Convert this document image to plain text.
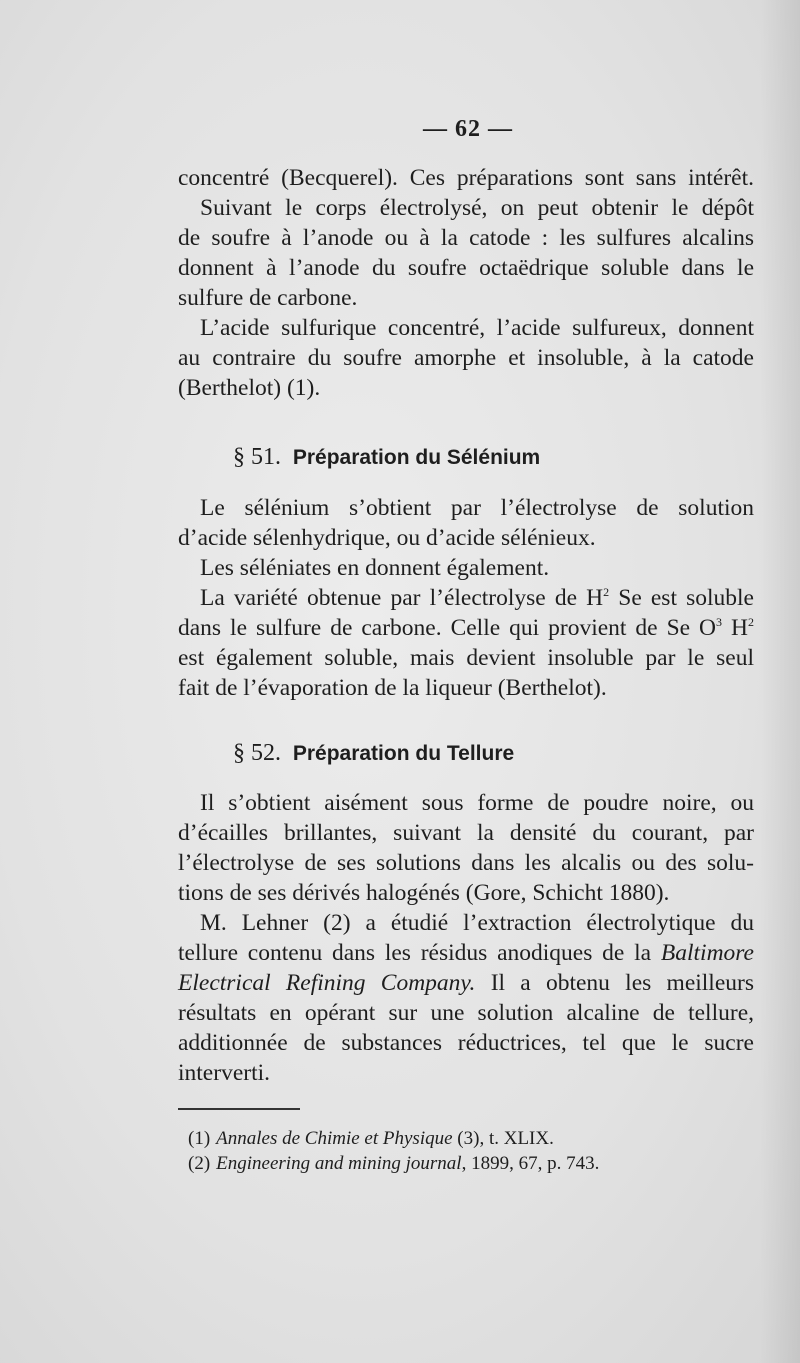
— 62 —
concentré (Becquerel). Ces préparations sont sans intérêt.
Suivant le corps électrolysé, on peut obtenir le dépôt
de soufre à l’anode ou à la catode : les sulfures alcalins
donnent à l’anode du soufre octaëdrique soluble dans le
sulfure de carbone.
L’acide sulfurique concentré, l’acide sulfureux, donnent
au contraire du soufre amorphe et insoluble, à la catode
(Berthelot) (1).
§ 51. Préparation du Sélénium
Le sélénium s’obtient par l’électrolyse de solution
d’acide sélenhydrique, ou d’acide sélénieux.
Les séléniates en donnent également.
La variété obtenue par l’électrolyse de $H^2$ Se est soluble
dans le sulfure de carbone. Celle qui provient de Se $O^3$ $H^2$
est également soluble, mais devient insoluble par le seul
fait de l’évaporation de la liqueur (Berthelot).
§ 52. Préparation du Tellure
Il s’obtient aisément sous forme de poudre noire, ou
d’écailles brillantes, suivant la densité du courant, par
l’électrolyse de ses solutions dans les alcalis ou des solu-
tions de ses dérivés halogénés (Gore, Schicht 1880).
M. Lehner (2) a étudié l’extraction électrolytique du
tellure contenu dans les résidus anodiques de la Baltimore
Electrical Refining Company. Il a obtenu les meilleurs
résultats en opérant sur une solution alcaline de tellure,
additionnée de substances réductrices, tel que le sucre
interverti.
(1) Annales de Chimie et Physique (3), t. XLIX.
(2) Engineering and mining journal, 1899, 67, p. 743.
